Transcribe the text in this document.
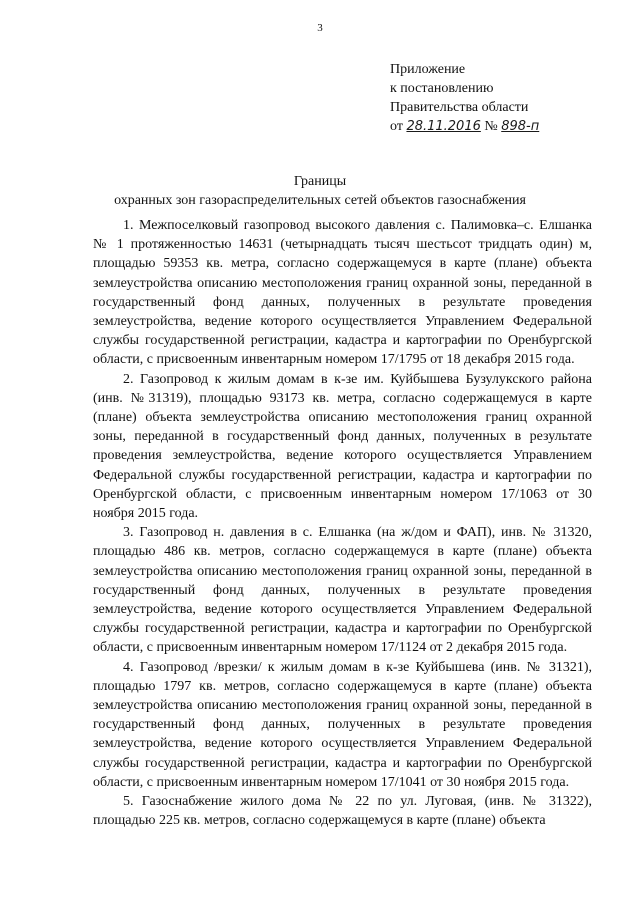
3
Приложение
к постановлению
Правительства области
от 28.11.2016 № 898-п
Границы
охранных зон газораспределительных сетей объектов газоснабжения

1. Межпоселковый газопровод высокого давления с. Палимовка–с. Елшанка № 1 протяженностью 14631 (четырнадцать тысяч шестьсот тридцать один) м, площадью 59353 кв. метра, согласно содержащемуся в карте (плане) объекта землеустройства описанию местоположения границ охранной зоны, переданной в государственный фонд данных, полученных в результате проведения землеустройства, ведение которого осуществляется Управлением Федеральной службы государственной регистрации, кадастра и картографии по Оренбургской области, с присвоенным инвентарным номером 17/1795 от 18 декабря 2015 года.

2. Газопровод к жилым домам в к-зе им. Куйбышева Бузулукского района (инв. №31319), площадью 93173 кв. метра, согласно содержащемуся в карте (плане) объекта землеустройства описанию местоположения границ охранной зоны, переданной в государственный фонд данных, полученных в результате проведения землеустройства, ведение которого осуществляется Управлением Федеральной службы государственной регистрации, кадастра и картографии по Оренбургской области, с присвоенным инвентарным номером 17/1063 от 30 ноября 2015 года.

3. Газопровод н. давления в с. Елшанка (на ж/дом и ФАП), инв. № 31320, площадью 486 кв. метров, согласно содержащемуся в карте (плане) объекта землеустройства описанию местоположения границ охранной зоны, переданной в государственный фонд данных, полученных в результате проведения землеустройства, ведение которого осуществляется Управлением Федеральной службы государственной регистрации, кадастра и картографии по Оренбургской области, с присвоенным инвентарным номером 17/1124 от 2 декабря 2015 года.

4. Газопровод /врезки/ к жилым домам в к-зе Куйбышева (инв. № 31321), площадью 1797 кв. метров, согласно содержащемуся в карте (плане) объекта землеустройства описанию местоположения границ охранной зоны, переданной в государственный фонд данных, полученных в результате проведения землеустройства, ведение которого осуществляется Управлением Федеральной службы государственной регистрации, кадастра и картографии по Оренбургской области, с присвоенным инвентарным номером 17/1041 от 30 ноября 2015 года.

5. Газоснабжение жилого дома № 22 по ул. Луговая, (инв. № 31322), площадью 225 кв. метров, согласно содержащемуся в карте (плане) объекта
